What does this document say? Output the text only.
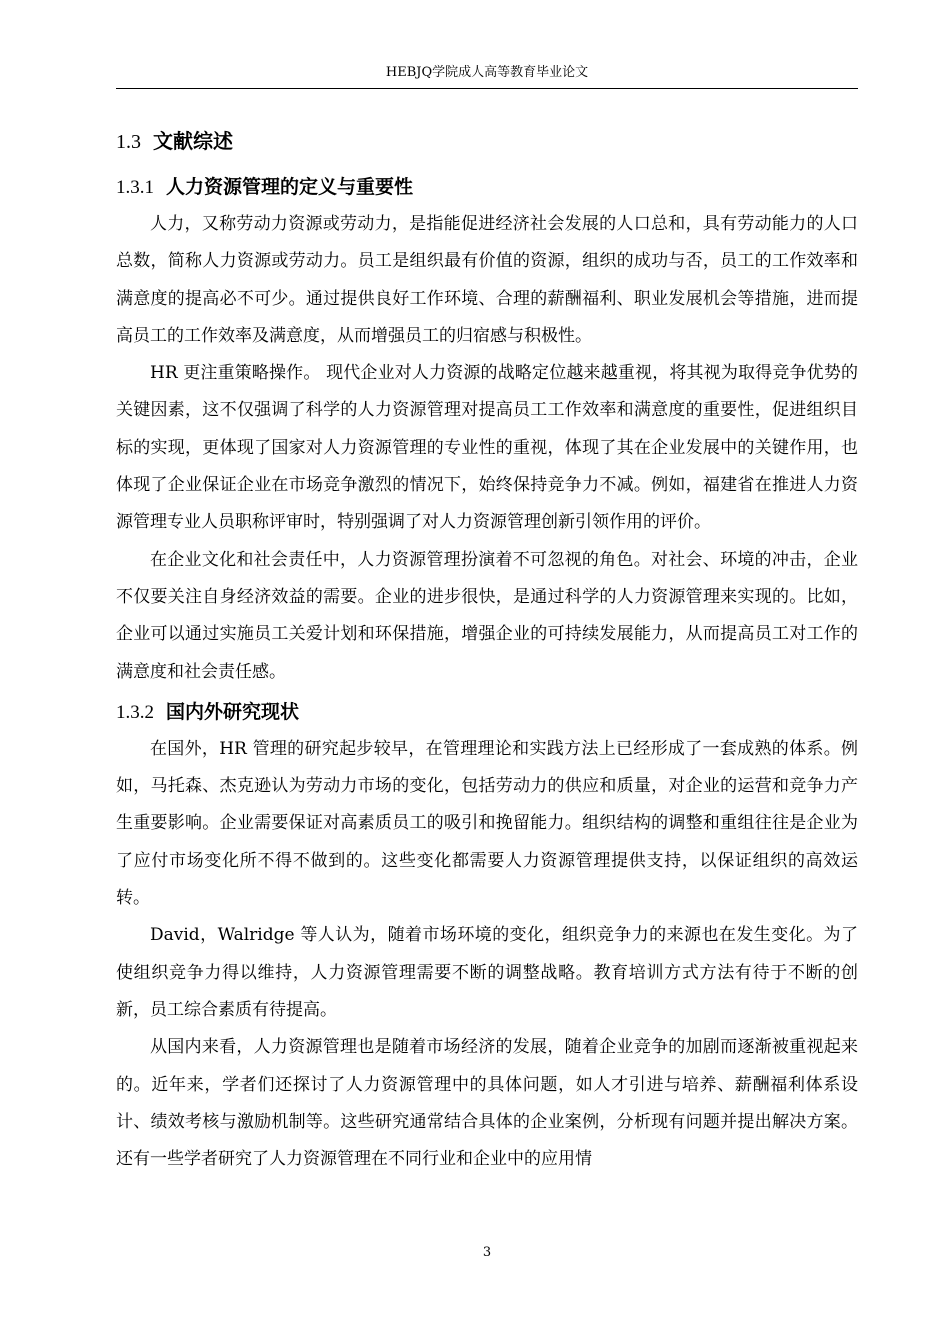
HEBJQ学院成人高等教育毕业论文
1.3 文献综述
1.3.1 人力资源管理的定义与重要性

人力，又称劳动力资源或劳动力，是指能促进经济社会发展的人口总和，具有劳动能力的人口总数，简称人力资源或劳动力。员工是组织最有价值的资源，组织的成功与否，员工的工作效率和满意度的提高必不可少。通过提供良好工作环境、合理的薪酬福利、职业发展机会等措施，进而提高员工的工作效率及满意度，从而增强员工的归宿感与积极性。

HR 更注重策略操作。 现代企业对人力资源的战略定位越来越重视，将其视为取得竞争优势的关键因素，这不仅强调了科学的人力资源管理对提高员工工作效率和满意度的重要性，促进组织目标的实现，更体现了国家对人力资源管理的专业性的重视，体现了其在企业发展中的关键作用，也体现了企业保证企业在市场竞争激烈的情况下，始终保持竞争力不减。例如，福建省在推进人力资源管理专业人员职称评审时，特别强调了对人力资源管理创新引领作用的评价。

在企业文化和社会责任中，人力资源管理扮演着不可忽视的角色。对社会、环境的冲击，企业不仅要关注自身经济效益的需要。企业的进步很快，是通过科学的人力资源管理来实现的。比如，企业可以通过实施员工关爱计划和环保措施，增强企业的可持续发展能力，从而提高员工对工作的满意度和社会责任感。

1.3.2 国内外研究现状

在国外，HR 管理的研究起步较早，在管理理论和实践方法上已经形成了一套成熟的体系。例如，马托森、杰克逊认为劳动力市场的变化，包括劳动力的供应和质量，对企业的运营和竞争力产生重要影响。企业需要保证对高素质员工的吸引和挽留能力。组织结构的调整和重组往往是企业为了应付市场变化所不得不做到的。这些变化都需要人力资源管理提供支持，以保证组织的高效运转。

David，Walridge 等人认为，随着市场环境的变化，组织竞争力的来源也在发生变化。为了使组织竞争力得以维持，人力资源管理需要不断的调整战略。教育培训方式方法有待于不断的创新，员工综合素质有待提高。

从国内来看，人力资源管理也是随着市场经济的发展，随着企业竞争的加剧而逐渐被重视起来的。近年来，学者们还探讨了人力资源管理中的具体问题，如人才引进与培养、薪酬福利体系设计、绩效考核与激励机制等。这些研究通常结合具体的企业案例，分析现有问题并提出解决方案。还有一些学者研究了人力资源管理在不同行业和企业中的应用情

3
